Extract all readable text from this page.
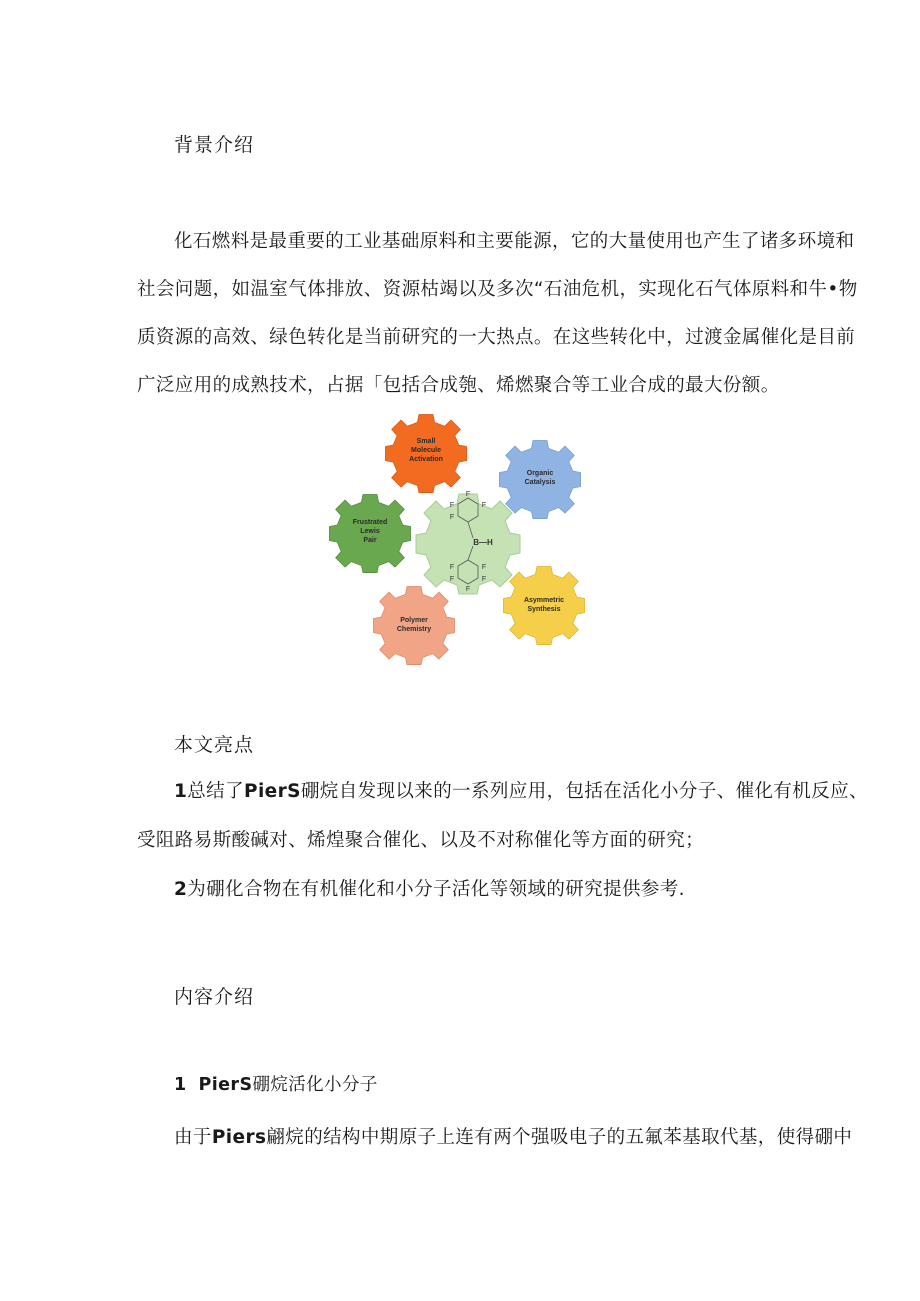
背景介绍
化石燃料是最重要的工业基础原料和主要能源，它的大量使用也产生了诸多环境和
社会问题，如温室气体排放、资源枯竭以及多次“石油危机，实现化石气体原料和牛•物
质资源的高效、绿色转化是当前研究的一大热点。在这些转化中，过渡金属催化是目前
广泛应用的成熟技术，占据「包括合成匏、烯燃聚合等工业合成的最大份额。
Small
Molecule
Activation
Organic
Catalysis
Frustrated
Lewis
Pair	B—H
F	F
F
F
F	F
F	F
F
Asymmetric
Synthesis
Polymer
Chemistry
本文亮点
1总结了PierS硼烷自发现以来的一系列应用，包括在活化小分子、催化有机反应、
受阻路易斯酸碱对、烯煌聚合催化、以及不对称催化等方面的研究；
2为硼化合物在有机催化和小分子活化等领域的研究提供参考.
内容介绍
1 PierS硼烷活化小分子
由于Piers翩烷的结构中期原子上连有两个强吸电子的五氟苯基取代基，使得硼中
